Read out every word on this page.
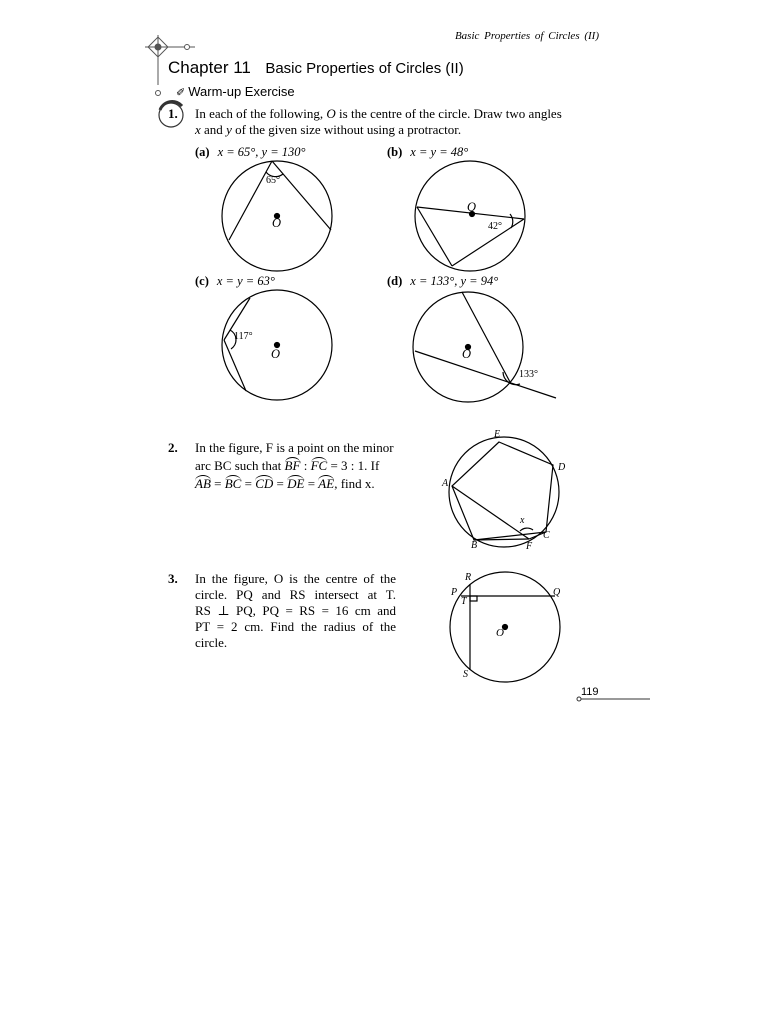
Basic Properties of Circles (II)
Chapter 11 Basic Properties of Circles (II)
✐ Warm-up Exercise
1. In each of the following, O is the centre of the circle. Draw two angles
x and y of the given size without using a protractor.
(a) x = 65°, y = 130°	(b) x = y = 48°
(c) x = y = 63°	(d) x = 133°, y = 94°
65°
O	42°
O
117°
O
133°
O
2. In the figure, F is a point on the minor
arc BC such that BF : FC = 3 : 1. If
AB = BC = CD = DE = AE, find x.
E
D
A
C
B	F
x
3. In the figure, O is the centre of the
circle. PQ and RS intersect at T.
RS ⊥ PQ, PQ = RS = 16 cm and
PT = 2 cm. Find the radius of the
circle.
R
P
T
Q
O
S
119
